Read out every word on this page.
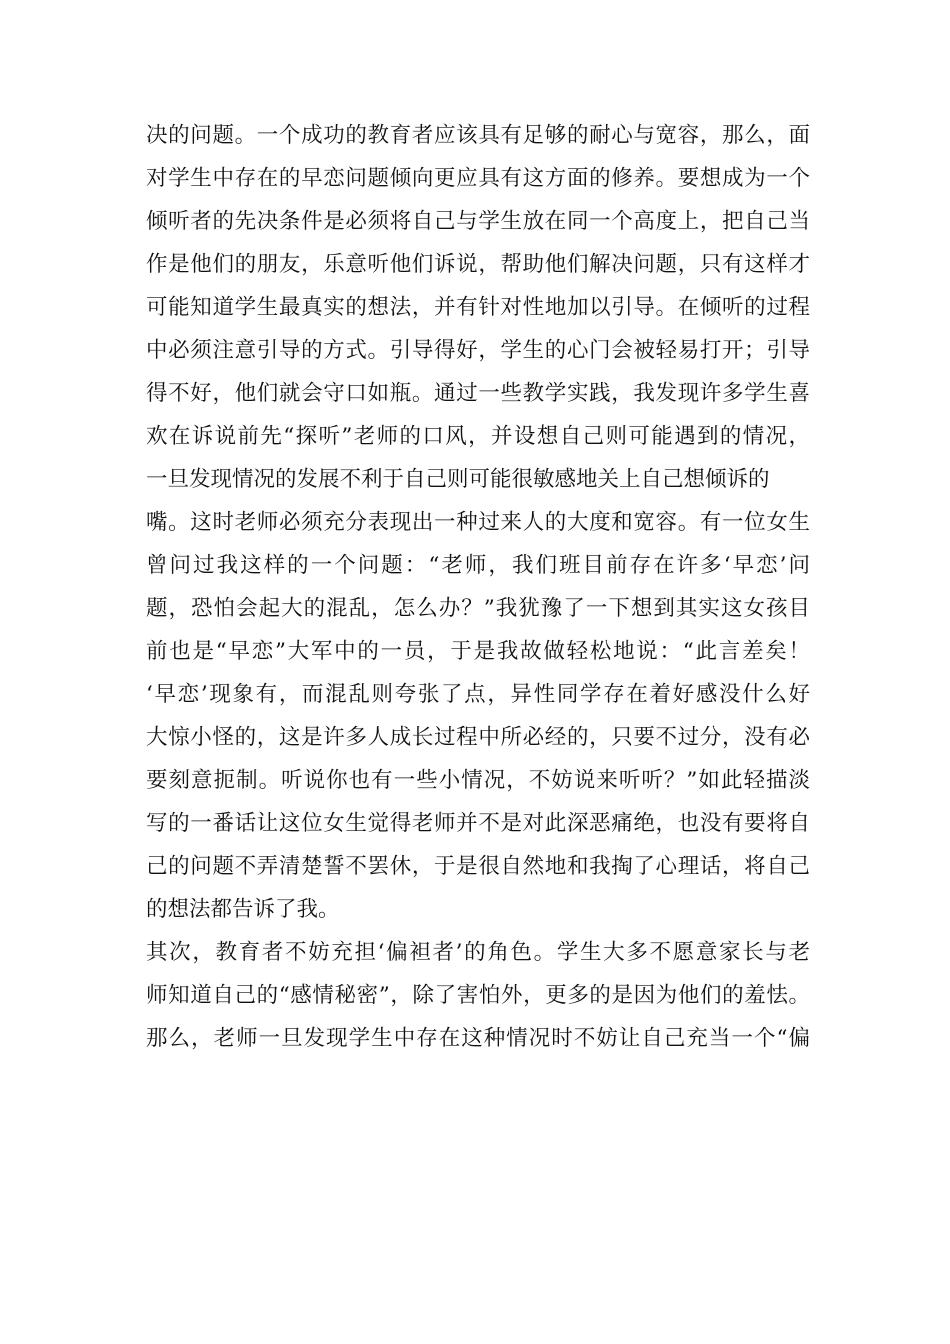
决的问题。一个成功的教育者应该具有足够的耐心与宽容，那么，面
对学生中存在的早恋问题倾向更应具有这方面的修养。要想成为一个
倾听者的先决条件是必须将自己与学生放在同一个高度上，把自己当
作是他们的朋友，乐意听他们诉说，帮助他们解决问题，只有这样才
可能知道学生最真实的想法，并有针对性地加以引导。在倾听的过程
中必须注意引导的方式。引导得好，学生的心门会被轻易打开；引导
得不好，他们就会守口如瓶。通过一些教学实践，我发现许多学生喜
欢在诉说前先“探听”老师的口风，并设想自己则可能遇到的情况，
一旦发现情况的发展不利于自己则可能很敏感地关上自己想倾诉的
嘴。这时老师必须充分表现出一种过来人的大度和宽容。有一位女生
曾问过我这样的一个问题：“老师，我们班目前存在许多‘早恋’问
题，恐怕会起大的混乱，怎么办？”我犹豫了一下想到其实这女孩目
前也是“早恋”大军中的一员，于是我故做轻松地说：“此言差矣！
‘早恋’现象有，而混乱则夸张了点，异性同学存在着好感没什么好
大惊小怪的，这是许多人成长过程中所必经的，只要不过分，没有必
要刻意扼制。听说你也有一些小情况，不妨说来听听？”如此轻描淡
写的一番话让这位女生觉得老师并不是对此深恶痛绝，也没有要将自
己的问题不弄清楚誓不罢休，于是很自然地和我掏了心理话，将自己
的想法都告诉了我。
其次，教育者不妨充担‘偏袒者’的角色。学生大多不愿意家长与老
师知道自己的“感情秘密”，除了害怕外，更多的是因为他们的羞怯。
那么，老师一旦发现学生中存在这种情况时不妨让自己充当一个“偏
